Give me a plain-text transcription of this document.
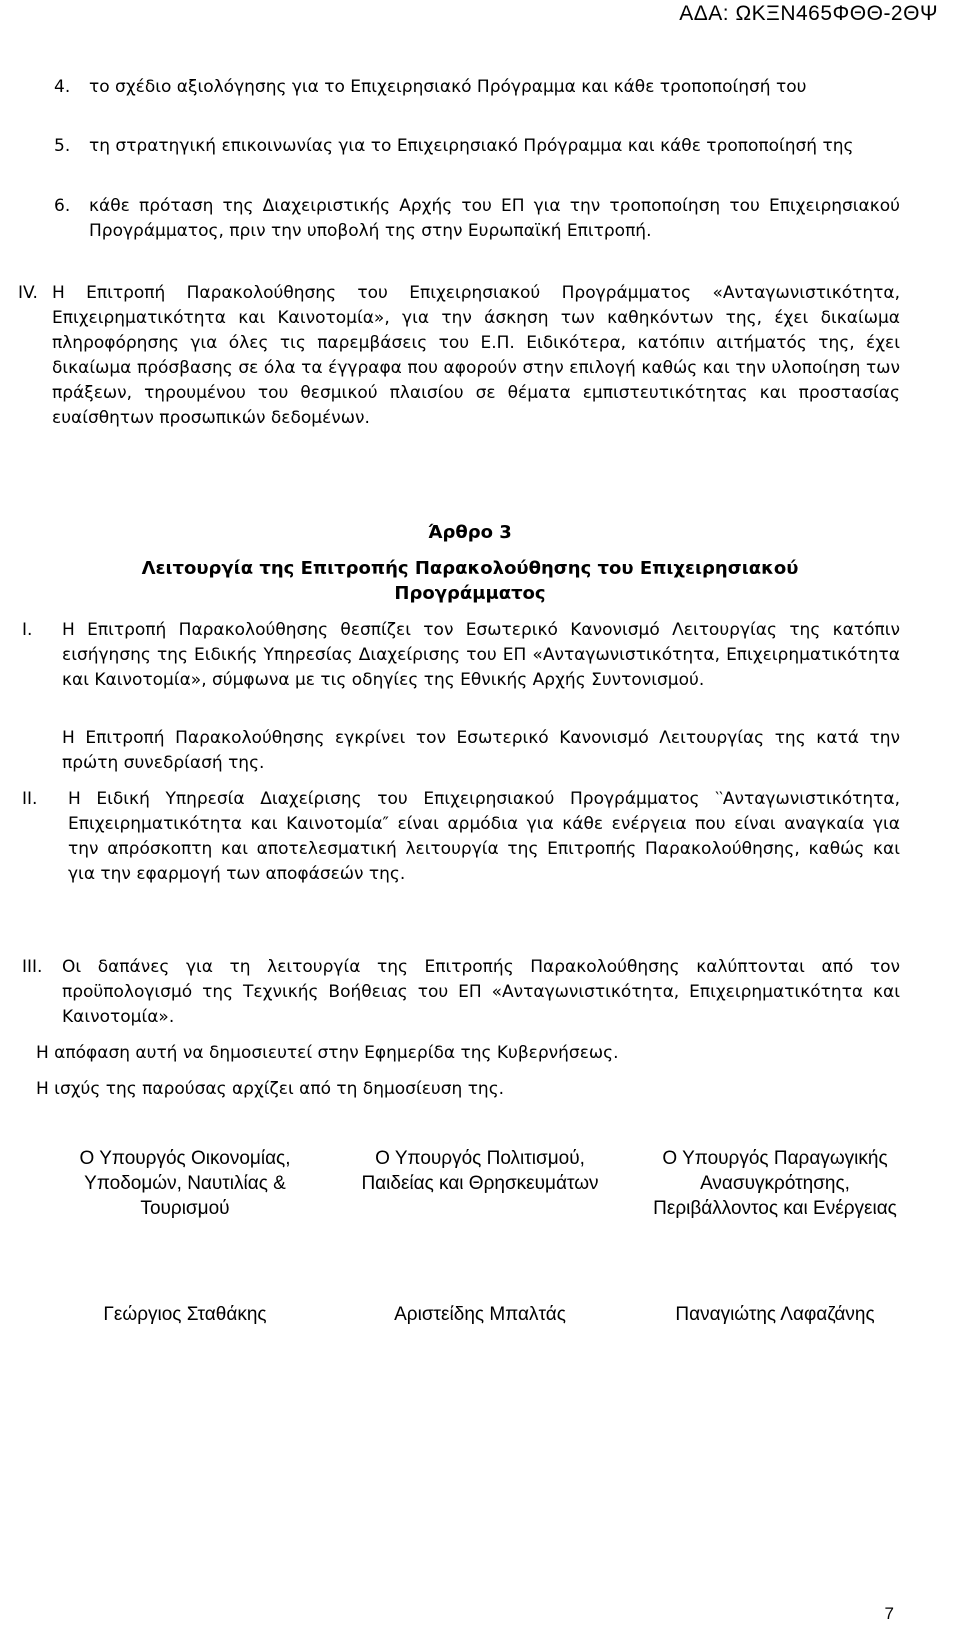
ΑΔΑ: ΩΚΞΝ465ΦΘΘ-2ΘΨ
4. το σχέδιο αξιολόγησης για το Επιχειρησιακό Πρόγραμμα και κάθε τροποποίησή του
5. τη στρατηγική επικοινωνίας για το Επιχειρησιακό Πρόγραμμα και κάθε τροποποίησή της
6. κάθε πρόταση της Διαχειριστικής Αρχής του ΕΠ για την τροποποίηση του Επιχειρησιακού Προγράμματος, πριν την υποβολή της στην Ευρωπαϊκή Επιτροπή.
IV. Η Επιτροπή Παρακολούθησης του Επιχειρησιακού Προγράμματος «Ανταγωνιστικότητα, Επιχειρηματικότητα και Καινοτομία», για την άσκηση των καθηκόντων της, έχει δικαίωμα πληροφόρησης για όλες τις παρεμβάσεις του Ε.Π. Ειδικότερα, κατόπιν αιτήματός της, έχει δικαίωμα πρόσβασης σε όλα τα έγγραφα που αφορούν στην επιλογή καθώς και την υλοποίηση των πράξεων, τηρουμένου του θεσμικού πλαισίου σε θέματα εμπιστευτικότητας και προστασίας ευαίσθητων προσωπικών δεδομένων.
Άρθρο 3
Λειτουργία της Επιτροπής Παρακολούθησης του Επιχειρησιακού Προγράμματος
I. Η Επιτροπή Παρακολούθησης θεσπίζει τον Εσωτερικό Κανονισμό Λειτουργίας της κατόπιν εισήγησης της Ειδικής Υπηρεσίας Διαχείρισης του ΕΠ «Ανταγωνιστικότητα, Επιχειρηματικότητα και Καινοτομία», σύμφωνα με τις οδηγίες της Εθνικής Αρχής Συντονισμού.
Η Επιτροπή Παρακολούθησης εγκρίνει τον Εσωτερικό Κανονισμό Λειτουργίας της κατά την πρώτη συνεδρίασή της.
II. Η Ειδική Υπηρεσία Διαχείρισης του Επιχειρησιακού Προγράμματος ‵‵Ανταγωνιστικότητα, Επιχειρηματικότητα και Καινοτομία″ είναι αρμόδια για κάθε ενέργεια που είναι αναγκαία για την απρόσκοπτη και αποτελεσματική λειτουργία της Επιτροπής Παρακολούθησης, καθώς και για την εφαρμογή των αποφάσεών της.
III. Οι δαπάνες για τη λειτουργία της Επιτροπής Παρακολούθησης καλύπτονται από τον προϋπολογισμό της Τεχνικής Βοήθειας του ΕΠ «Ανταγωνιστικότητα, Επιχειρηματικότητα και Καινοτομία».
Η απόφαση αυτή να δημοσιευτεί στην Εφημερίδα της Κυβερνήσεως.
Η ισχύς της παρούσας αρχίζει από τη δημοσίευση της.
Ο Υπουργός Οικονομίας, Υποδομών, Ναυτιλίας & Τουρισμού
Ο Υπουργός Πολιτισμού, Παιδείας και Θρησκευμάτων
Ο Υπουργός Παραγωγικής Ανασυγκρότησης, Περιβάλλοντος και Ενέργειας
Γεώργιος Σταθάκης	Αριστείδης Μπαλτάς	Παναγιώτης Λαφαζάνης
7
